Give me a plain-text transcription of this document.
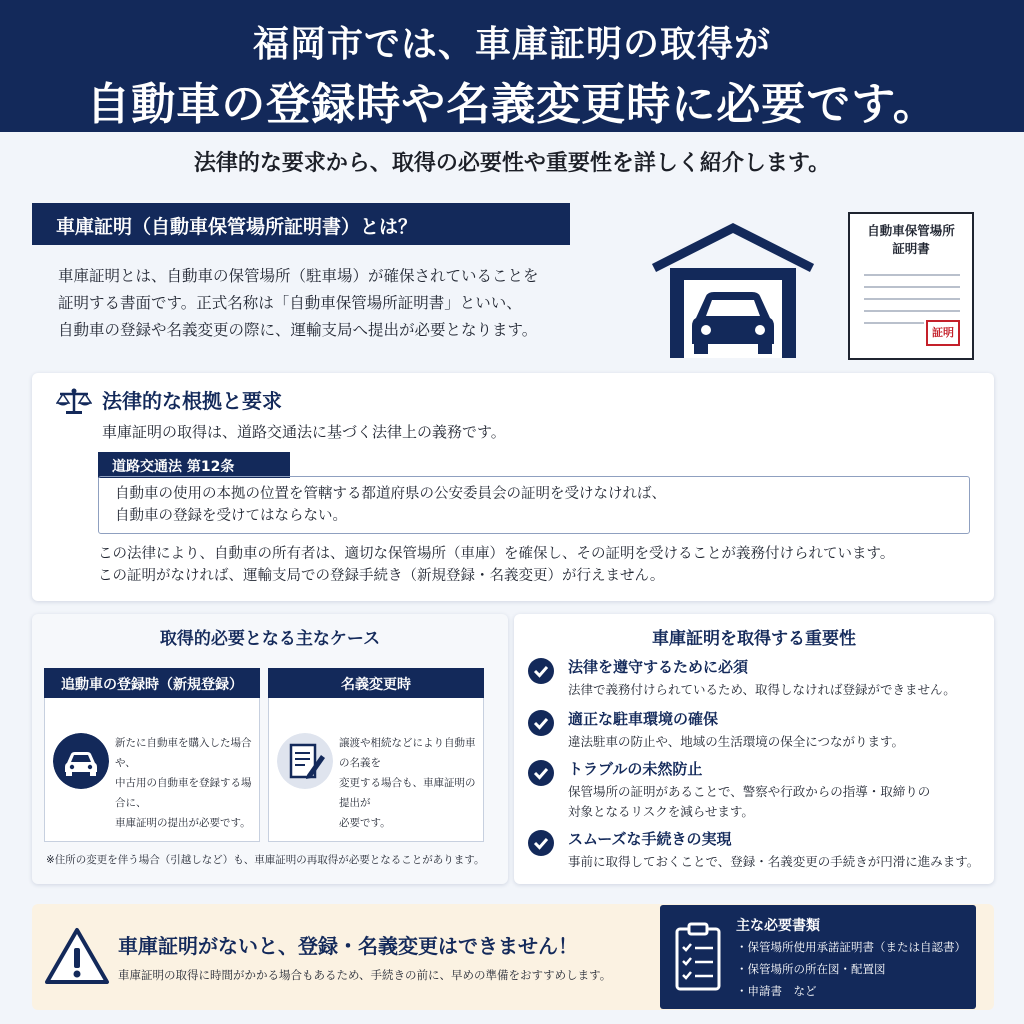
福岡市では、車庫証明の取得が
自動車の登録時や名義変更時に必要です。
法律的な要求から、取得の必要性や重要性を詳しく紹介します。
車庫証明（自動車保管場所証明書）とは？
車庫証明とは、自動車の保管場所（駐車場）が確保されていることを
証明する書面です。正式名称は「自動車保管場所証明書」といい、
自動車の登録や名義変更の際に、運輸支局へ提出が必要となります。
自動車保管場所
証明書
証明
法律的な根拠と要求
車庫証明の取得は、道路交通法に基づく法律上の義務です。
道路交通法 第12条
自動車の使用の本拠の位置を管轄する都道府県の公安委員会の証明を受けなければ、
自動車の登録を受けてはならない。
この法律により、自動車の所有者は、適切な保管場所（車庫）を確保し、その証明を受けることが義務付けられています。
この証明がなければ、運輸支局での登録手続き（新規登録・名義変更）が行えません。
取得的必要となる主なケース
追動車の登録時（新規登録）
新たに自動車を購入した場合や、
中古用の自動車を登録する場合に、
車庫証明の提出が必要です。
名義変更時
譲渡や相続などにより自動車の名義を
変更する場合も、車庫証明の提出が
必要です。
※住所の変更を伴う場合（引越しなど）も、車庫証明の再取得が必要となることがあります。
車庫証明を取得する重要性
法律を遵守するために必須
法律で義務付けられているため、取得しなければ登録ができません。
適正な駐車環境の確保
違法駐車の防止や、地域の生活環境の保全につながります。
トラブルの未然防止
保管場所の証明があることで、警察や行政からの指導・取締りの
対象となるリスクを減らせます。
スムーズな手続きの実現
事前に取得しておくことで、登録・名義変更の手続きが円滑に進みます。
車庫証明がないと、登録・名義変更はできません！
車庫証明の取得に時間がかかる場合もあるため、手続きの前に、早めの準備をおすすめします。
主な必要書類
・保管場所使用承諾証明書（または自認書）
・保管場所の所在図・配置図
・申請書　など
